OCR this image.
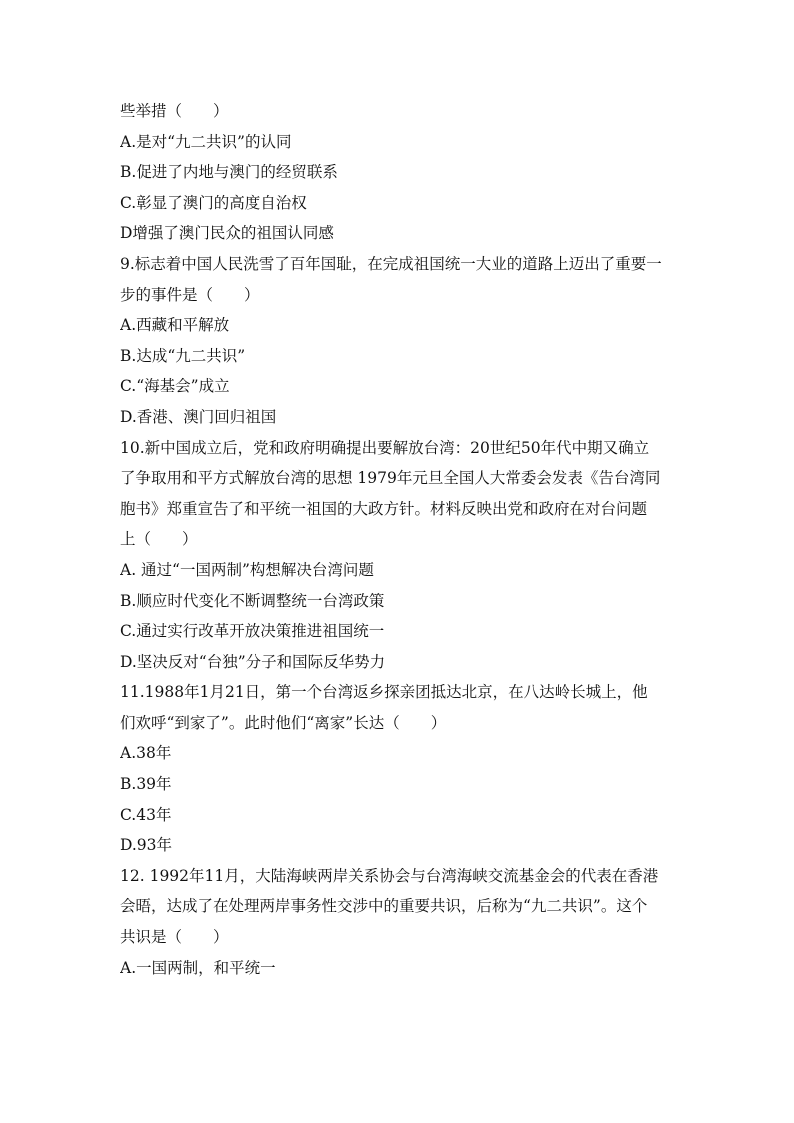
些举措（　　）
A.是对“九二共识”的认同
B.促进了内地与澳门的经贸联系
C.彰显了澳门的高度自治权
D增强了澳门民众的祖国认同感
9.标志着中国人民洗雪了百年国耻，在完成祖国统一大业的道路上迈出了重要一
步的事件是（　　）
A.西藏和平解放
B.达成“九二共识”
C.“海基会”成立
D.香港、澳门回归祖国
10.新中国成立后，党和政府明确提出要解放台湾：20世纪50年代中期又确立
了争取用和平方式解放台湾的思想 1979年元旦全国人大常委会发表《告台湾同
胞书》郑重宣告了和平统一祖国的大政方针。材料反映出党和政府在对台问题
上（　　）
A. 通过“一国两制”构想解决台湾问题
B.顺应时代变化不断调整统一台湾政策
C.通过实行改革开放决策推进祖国统一
D.坚决反对“台独”分子和国际反华势力
11.1988年1月21日，第一个台湾返乡探亲团抵达北京，在八达岭长城上，他
们欢呼“到家了”。此时他们“离家”长达（　　）
A.38年
B.39年
C.43年
D.93年
12. 1992年11月，大陆海峡两岸关系协会与台湾海峡交流基金会的代表在香港
会晤，达成了在处理两岸事务性交涉中的重要共识，后称为“九二共识”。这个
共识是（　　）
A.一国两制，和平统一
